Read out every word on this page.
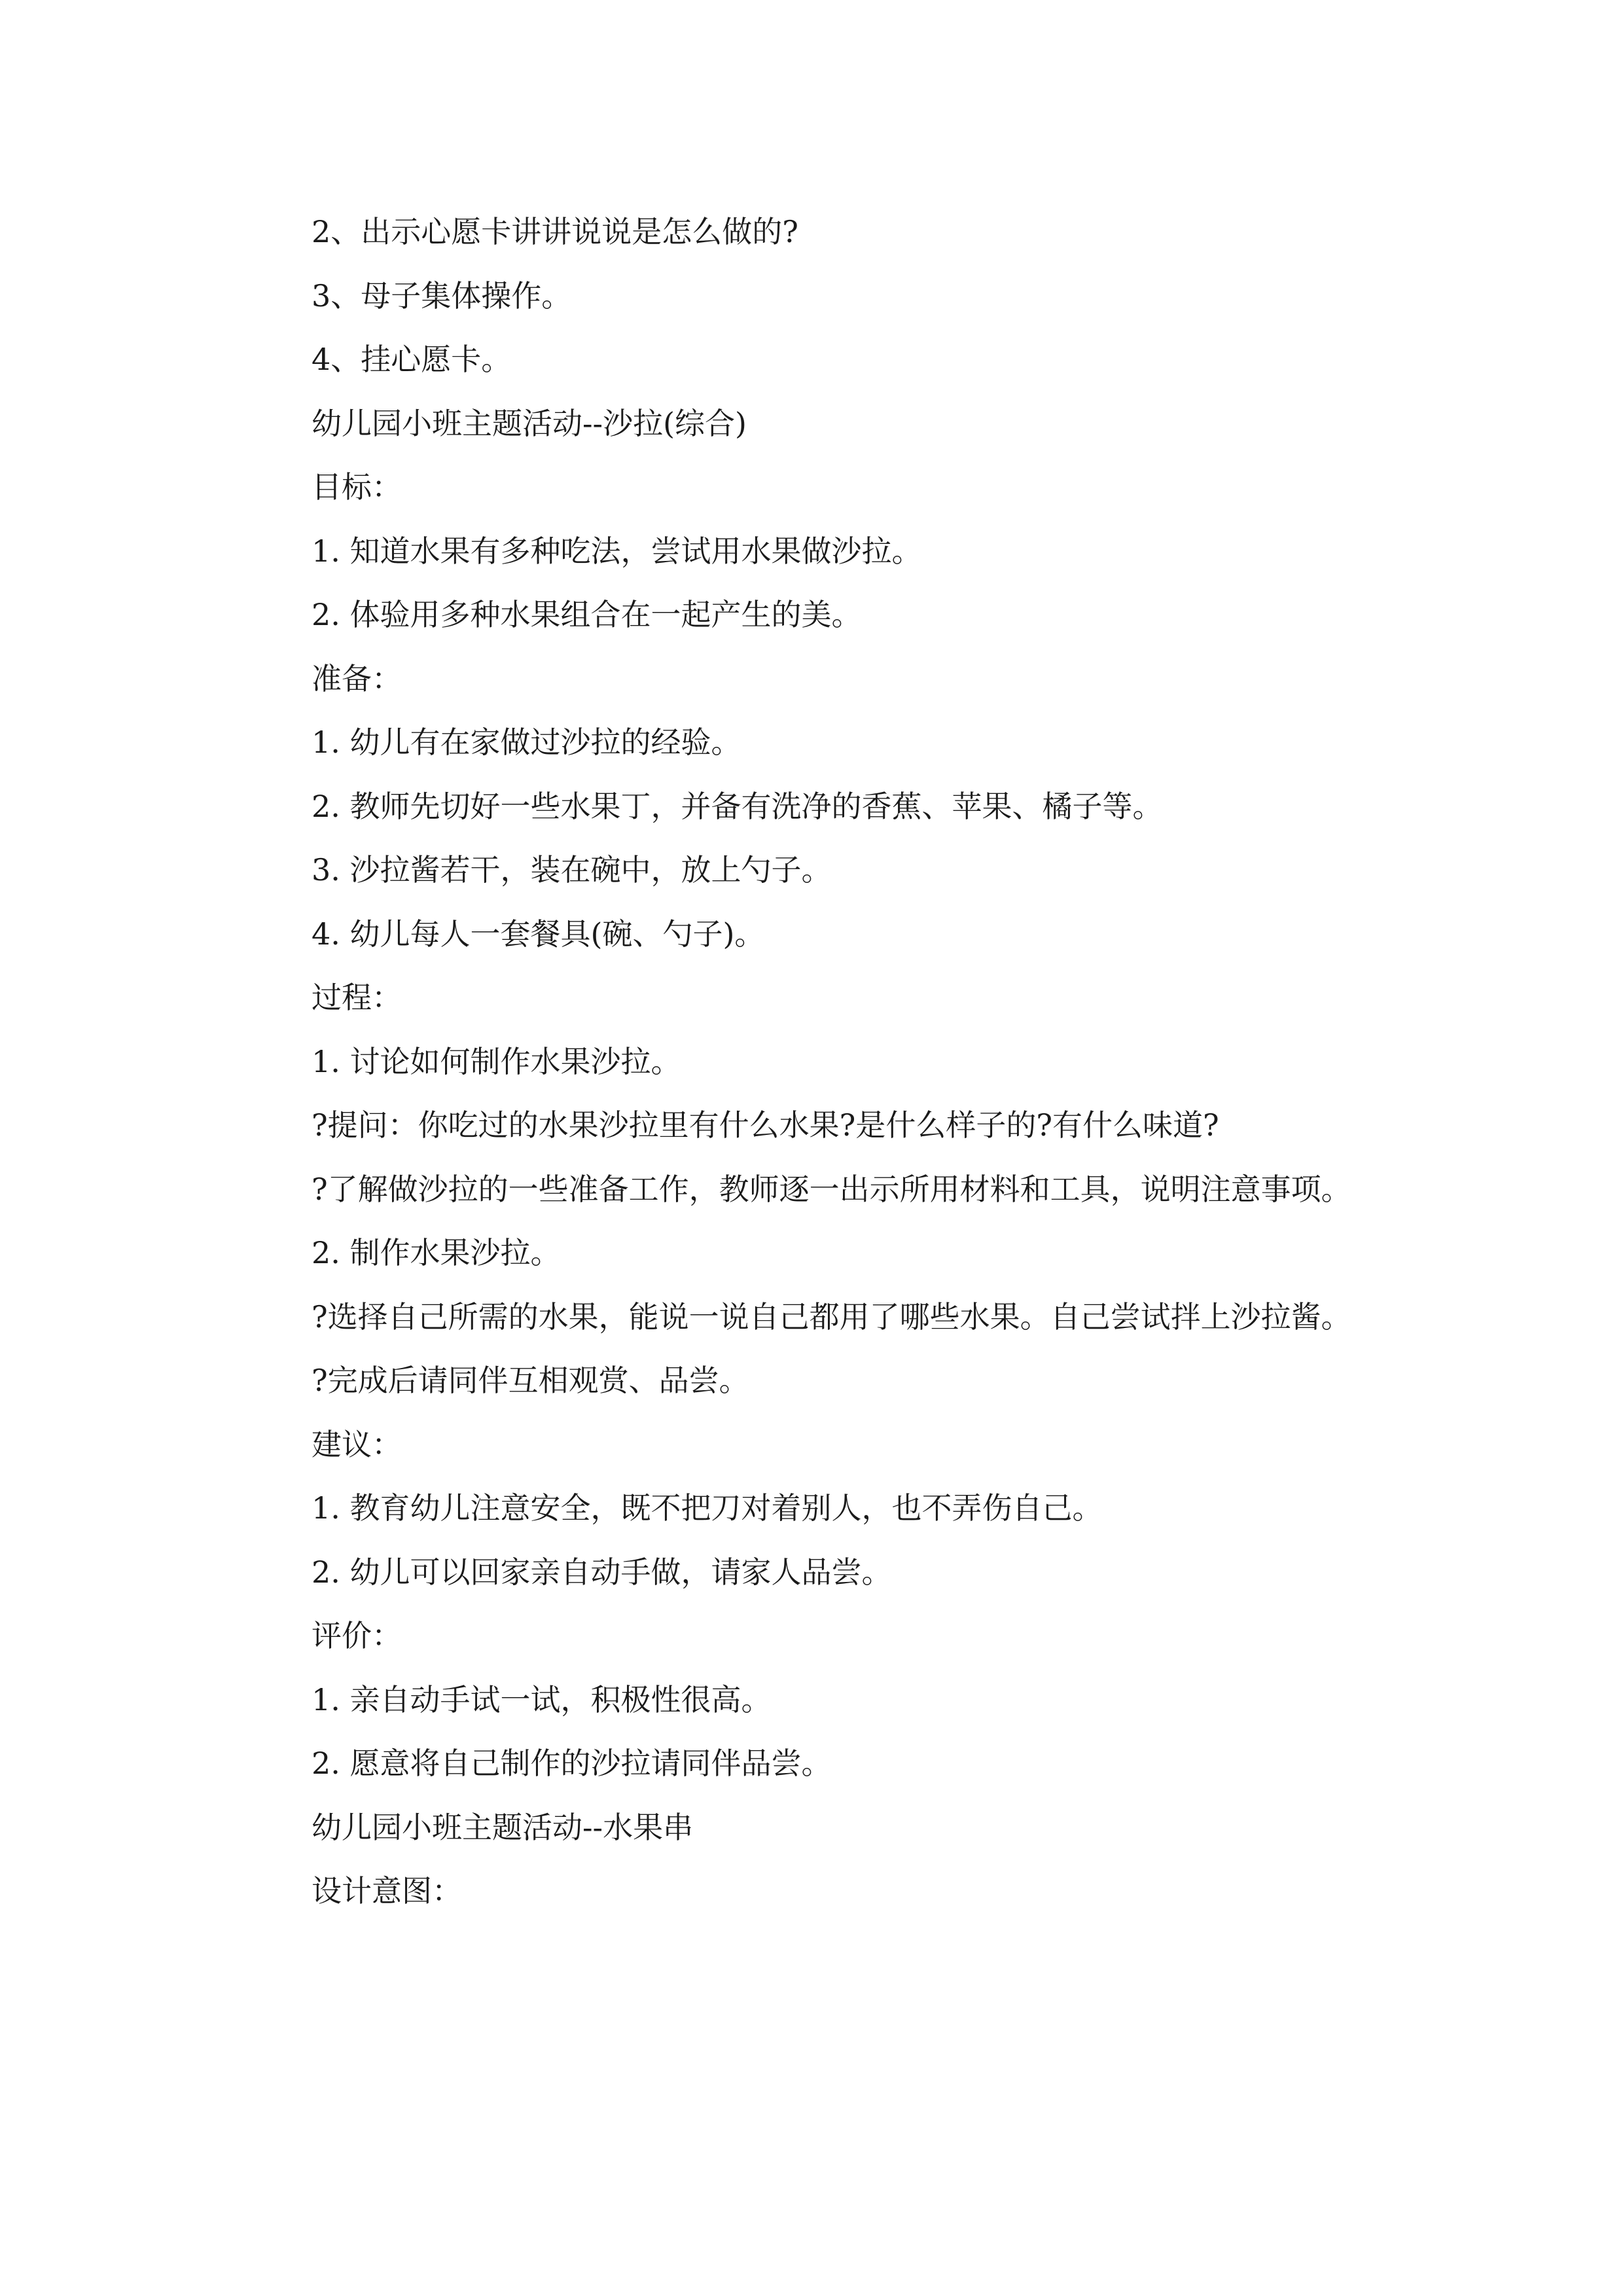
2、出示心愿卡讲讲说说是怎么做的?

3、母子集体操作。

4、挂心愿卡。

幼儿园小班主题活动--沙拉(综合)

目标：

1. 知道水果有多种吃法，尝试用水果做沙拉。

2. 体验用多种水果组合在一起产生的美。

准备：

1. 幼儿有在家做过沙拉的经验。

2. 教师先切好一些水果丁，并备有洗净的香蕉、苹果、橘子等。

3. 沙拉酱若干，装在碗中，放上勺子。

4. 幼儿每人一套餐具(碗、勺子)。

过程：

1. 讨论如何制作水果沙拉。

?提问：你吃过的水果沙拉里有什么水果?是什么样子的?有什么味道?

?了解做沙拉的一些准备工作，教师逐一出示所用材料和工具，说明注意事项。

2. 制作水果沙拉。

?选择自己所需的水果，能说一说自己都用了哪些水果。自己尝试拌上沙拉酱。

?完成后请同伴互相观赏、品尝。

建议：

1. 教育幼儿注意安全，既不把刀对着别人，也不弄伤自己。

2. 幼儿可以回家亲自动手做，请家人品尝。

评价：

1. 亲自动手试一试，积极性很高。

2. 愿意将自己制作的沙拉请同伴品尝。

幼儿园小班主题活动--水果串

设计意图：
